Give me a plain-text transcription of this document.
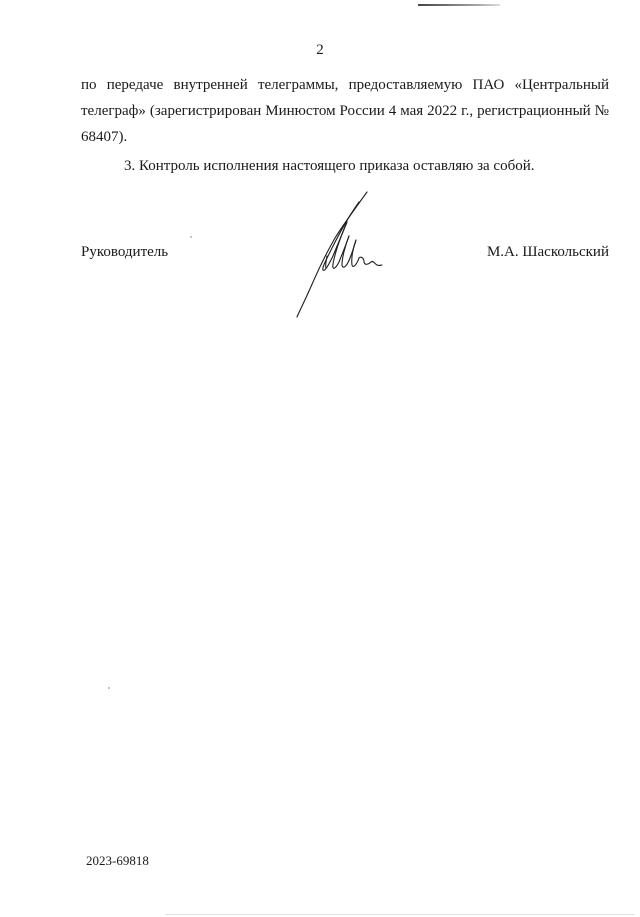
2

по передаче внутренней телеграммы, предоставляемую ПАО «Центральный телеграф» (зарегистрирован Минюстом России 4 мая 2022 г., регистрационный № 68407).

3. Контроль исполнения настоящего приказа оставляю за собой.

Руководитель	М.А. Шаскольский
2023-69818
